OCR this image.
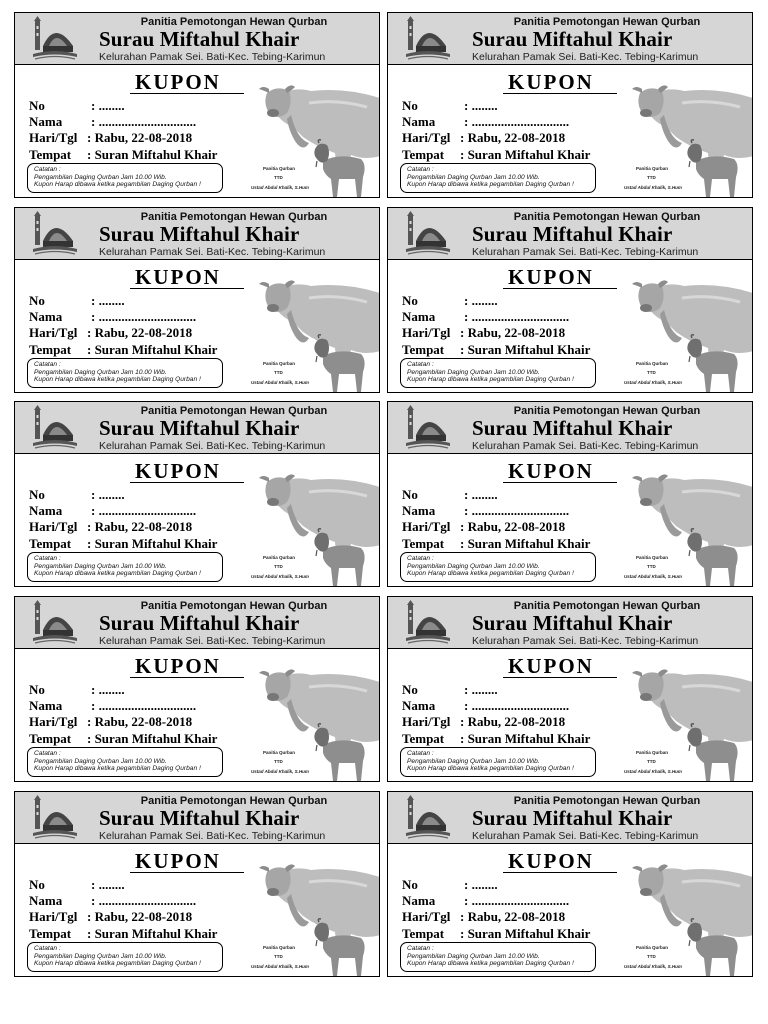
Panitia Pemotongan Hewan Qurban
Surau Miftahul Khair
Kelurahan Pamak Sei. Bati-Kec. Tebing-Karimun
KUPON
No	: ........
Nama : ..............................
Hari/Tgl : Rabu, 22-08-2018
Tempat : Suran Miftahul Khair
Catatan :
Pengambilan Daging Qurban Jam 10.00 Wib.
Kupon Harap dibawa ketika pegambilan Daging Qurban !
Panitia Qurban
TTD
Ustad Abdul Khalik, S.Hum
Panitia Pemotongan Hewan Qurban
Surau Miftahul Khair
Kelurahan Pamak Sei. Bati-Kec. Tebing-Karimun
KUPON
No	: ........
Nama : ..............................
Hari/Tgl : Rabu, 22-08-2018
Tempat : Suran Miftahul Khair
Catatan :
Pengambilan Daging Qurban Jam 10.00 Wib.
Kupon Harap dibawa ketika pegambilan Daging Qurban !
Panitia Qurban
TTD
Ustad Abdul Khalik, S.Hum
Panitia Pemotongan Hewan Qurban
Surau Miftahul Khair
Kelurahan Pamak Sei. Bati-Kec. Tebing-Karimun
KUPON
No	: ........
Nama : ..............................
Hari/Tgl : Rabu, 22-08-2018
Tempat : Suran Miftahul Khair
Catatan :
Pengambilan Daging Qurban Jam 10.00 Wib.
Kupon Harap dibawa ketika pegambilan Daging Qurban !
Panitia Qurban
TTD
Ustad Abdul Khalik, S.Hum
Panitia Pemotongan Hewan Qurban
Surau Miftahul Khair
Kelurahan Pamak Sei. Bati-Kec. Tebing-Karimun
KUPON
No	: ........
Nama : ..............................
Hari/Tgl : Rabu, 22-08-2018
Tempat : Suran Miftahul Khair
Catatan :
Pengambilan Daging Qurban Jam 10.00 Wib.
Kupon Harap dibawa ketika pegambilan Daging Qurban !
Panitia Qurban
TTD
Ustad Abdul Khalik, S.Hum
Panitia Pemotongan Hewan Qurban
Surau Miftahul Khair
Kelurahan Pamak Sei. Bati-Kec. Tebing-Karimun
KUPON
No	: ........
Nama : ..............................
Hari/Tgl : Rabu, 22-08-2018
Tempat : Suran Miftahul Khair
Catatan :
Pengambilan Daging Qurban Jam 10.00 Wib.
Kupon Harap dibawa ketika pegambilan Daging Qurban !
Panitia Qurban
TTD
Ustad Abdul Khalik, S.Hum
Panitia Pemotongan Hewan Qurban
Surau Miftahul Khair
Kelurahan Pamak Sei. Bati-Kec. Tebing-Karimun
KUPON
No	: ........
Nama : ..............................
Hari/Tgl : Rabu, 22-08-2018
Tempat : Suran Miftahul Khair
Catatan :
Pengambilan Daging Qurban Jam 10.00 Wib.
Kupon Harap dibawa ketika pegambilan Daging Qurban !
Panitia Qurban
TTD
Ustad Abdul Khalik, S.Hum
Panitia Pemotongan Hewan Qurban
Surau Miftahul Khair
Kelurahan Pamak Sei. Bati-Kec. Tebing-Karimun
KUPON
No	: ........
Nama : ..............................
Hari/Tgl : Rabu, 22-08-2018
Tempat : Suran Miftahul Khair
Catatan :
Pengambilan Daging Qurban Jam 10.00 Wib.
Kupon Harap dibawa ketika pegambilan Daging Qurban !
Panitia Qurban
TTD
Ustad Abdul Khalik, S.Hum
Panitia Pemotongan Hewan Qurban
Surau Miftahul Khair
Kelurahan Pamak Sei. Bati-Kec. Tebing-Karimun
KUPON
No	: ........
Nama : ..............................
Hari/Tgl : Rabu, 22-08-2018
Tempat : Suran Miftahul Khair
Catatan :
Pengambilan Daging Qurban Jam 10.00 Wib.
Kupon Harap dibawa ketika pegambilan Daging Qurban !
Panitia Qurban
TTD
Ustad Abdul Khalik, S.Hum
Panitia Pemotongan Hewan Qurban
Surau Miftahul Khair
Kelurahan Pamak Sei. Bati-Kec. Tebing-Karimun
KUPON
No	: ........
Nama : ..............................
Hari/Tgl : Rabu, 22-08-2018
Tempat : Suran Miftahul Khair
Catatan :
Pengambilan Daging Qurban Jam 10.00 Wib.
Kupon Harap dibawa ketika pegambilan Daging Qurban !
Panitia Qurban
TTD
Ustad Abdul Khalik, S.Hum
Panitia Pemotongan Hewan Qurban
Surau Miftahul Khair
Kelurahan Pamak Sei. Bati-Kec. Tebing-Karimun
KUPON
No	: ........
Nama : ..............................
Hari/Tgl : Rabu, 22-08-2018
Tempat : Suran Miftahul Khair
Catatan :
Pengambilan Daging Qurban Jam 10.00 Wib.
Kupon Harap dibawa ketika pegambilan Daging Qurban !
Panitia Qurban
TTD
Ustad Abdul Khalik, S.Hum
